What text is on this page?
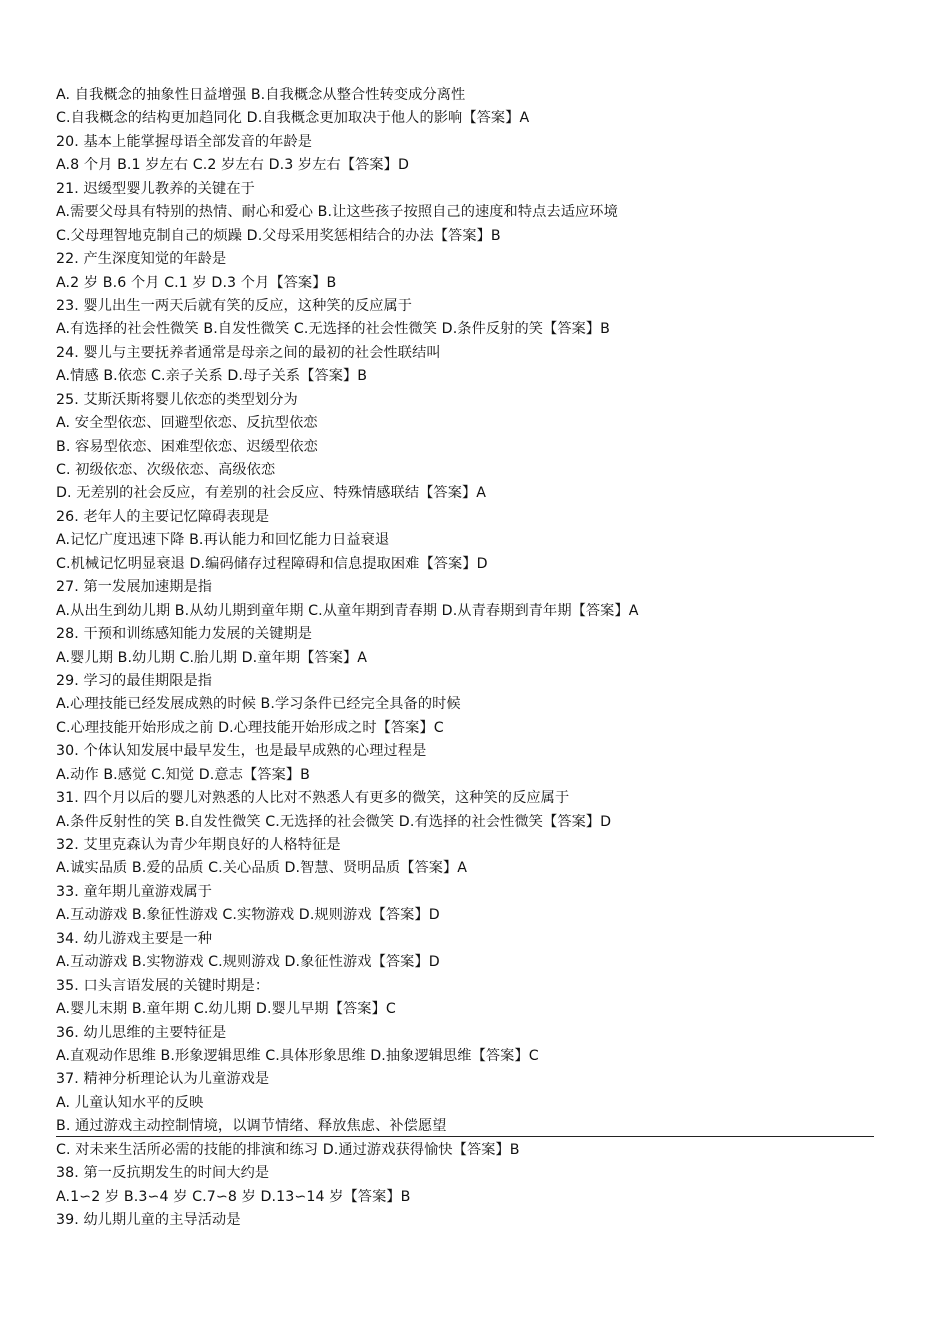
A. 自我概念的抽象性日益增强 B.自我概念从整合性转变成分离性
C.自我概念的结构更加趋同化 D.自我概念更加取决于他人的影响【答案】A
20. 基本上能掌握母语全部发音的年龄是
A.8 个月 B.1 岁左右 C.2 岁左右 D.3 岁左右【答案】D
21. 迟缓型婴儿教养的关键在于
A.需要父母具有特别的热情、耐心和爱心 B.让这些孩子按照自己的速度和特点去适应环境
C.父母理智地克制自己的烦躁 D.父母采用奖惩相结合的办法【答案】B
22. 产生深度知觉的年龄是
A.2 岁 B.6 个月 C.1 岁 D.3 个月【答案】B
23. 婴儿出生一两天后就有笑的反应，这种笑的反应属于
A.有选择的社会性微笑 B.自发性微笑 C.无选择的社会性微笑 D.条件反射的笑【答案】B
24. 婴儿与主要抚养者通常是母亲之间的最初的社会性联结叫
A.情感 B.依恋 C.亲子关系 D.母子关系【答案】B
25. 艾斯沃斯将婴儿依恋的类型划分为
A. 安全型依恋、回避型依恋、反抗型依恋
B. 容易型依恋、困难型依恋、迟缓型依恋
C. 初级依恋、次级依恋、高级依恋
D. 无差别的社会反应，有差别的社会反应、特殊情感联结【答案】A
26. 老年人的主要记忆障碍表现是
A.记忆广度迅速下降 B.再认能力和回忆能力日益衰退
C.机械记忆明显衰退 D.编码储存过程障碍和信息提取困难【答案】D
27. 第一发展加速期是指
A.从出生到幼儿期 B.从幼儿期到童年期 C.从童年期到青春期 D.从青春期到青年期【答案】A
28. 干预和训练感知能力发展的关键期是
A.婴儿期 B.幼儿期 C.胎儿期 D.童年期【答案】A
29. 学习的最佳期限是指
A.心理技能已经发展成熟的时候 B.学习条件已经完全具备的时候
C.心理技能开始形成之前 D.心理技能开始形成之时【答案】C
30. 个体认知发展中最早发生，也是最早成熟的心理过程是
A.动作 B.感觉 C.知觉 D.意志【答案】B
31. 四个月以后的婴儿对熟悉的人比对不熟悉人有更多的微笑，这种笑的反应属于
A.条件反射性的笑 B.自发性微笑 C.无选择的社会微笑 D.有选择的社会性微笑【答案】D
32. 艾里克森认为青少年期良好的人格特征是
A.诚实品质 B.爱的品质 C.关心品质 D.智慧、贤明品质【答案】A
33. 童年期儿童游戏属于
A.互动游戏 B.象征性游戏 C.实物游戏 D.规则游戏【答案】D
34. 幼儿游戏主要是一种
A.互动游戏 B.实物游戏 C.规则游戏 D.象征性游戏【答案】D
35. 口头言语发展的关键时期是：
A.婴儿末期 B.童年期 C.幼儿期 D.婴儿早期【答案】C
36. 幼儿思维的主要特征是
A.直观动作思维 B.形象逻辑思维 C.具体形象思维 D.抽象逻辑思维【答案】C
37. 精神分析理论认为儿童游戏是
A. 儿童认知水平的反映
B. 通过游戏主动控制情境，以调节情绪、释放焦虑、补偿愿望
C. 对未来生活所必需的技能的排演和练习 D.通过游戏获得愉快【答案】B
38. 第一反抗期发生的时间大约是
A.1∽2 岁 B.3∽4 岁 C.7∽8 岁 D.13∽14 岁【答案】B
39. 幼儿期儿童的主导活动是
